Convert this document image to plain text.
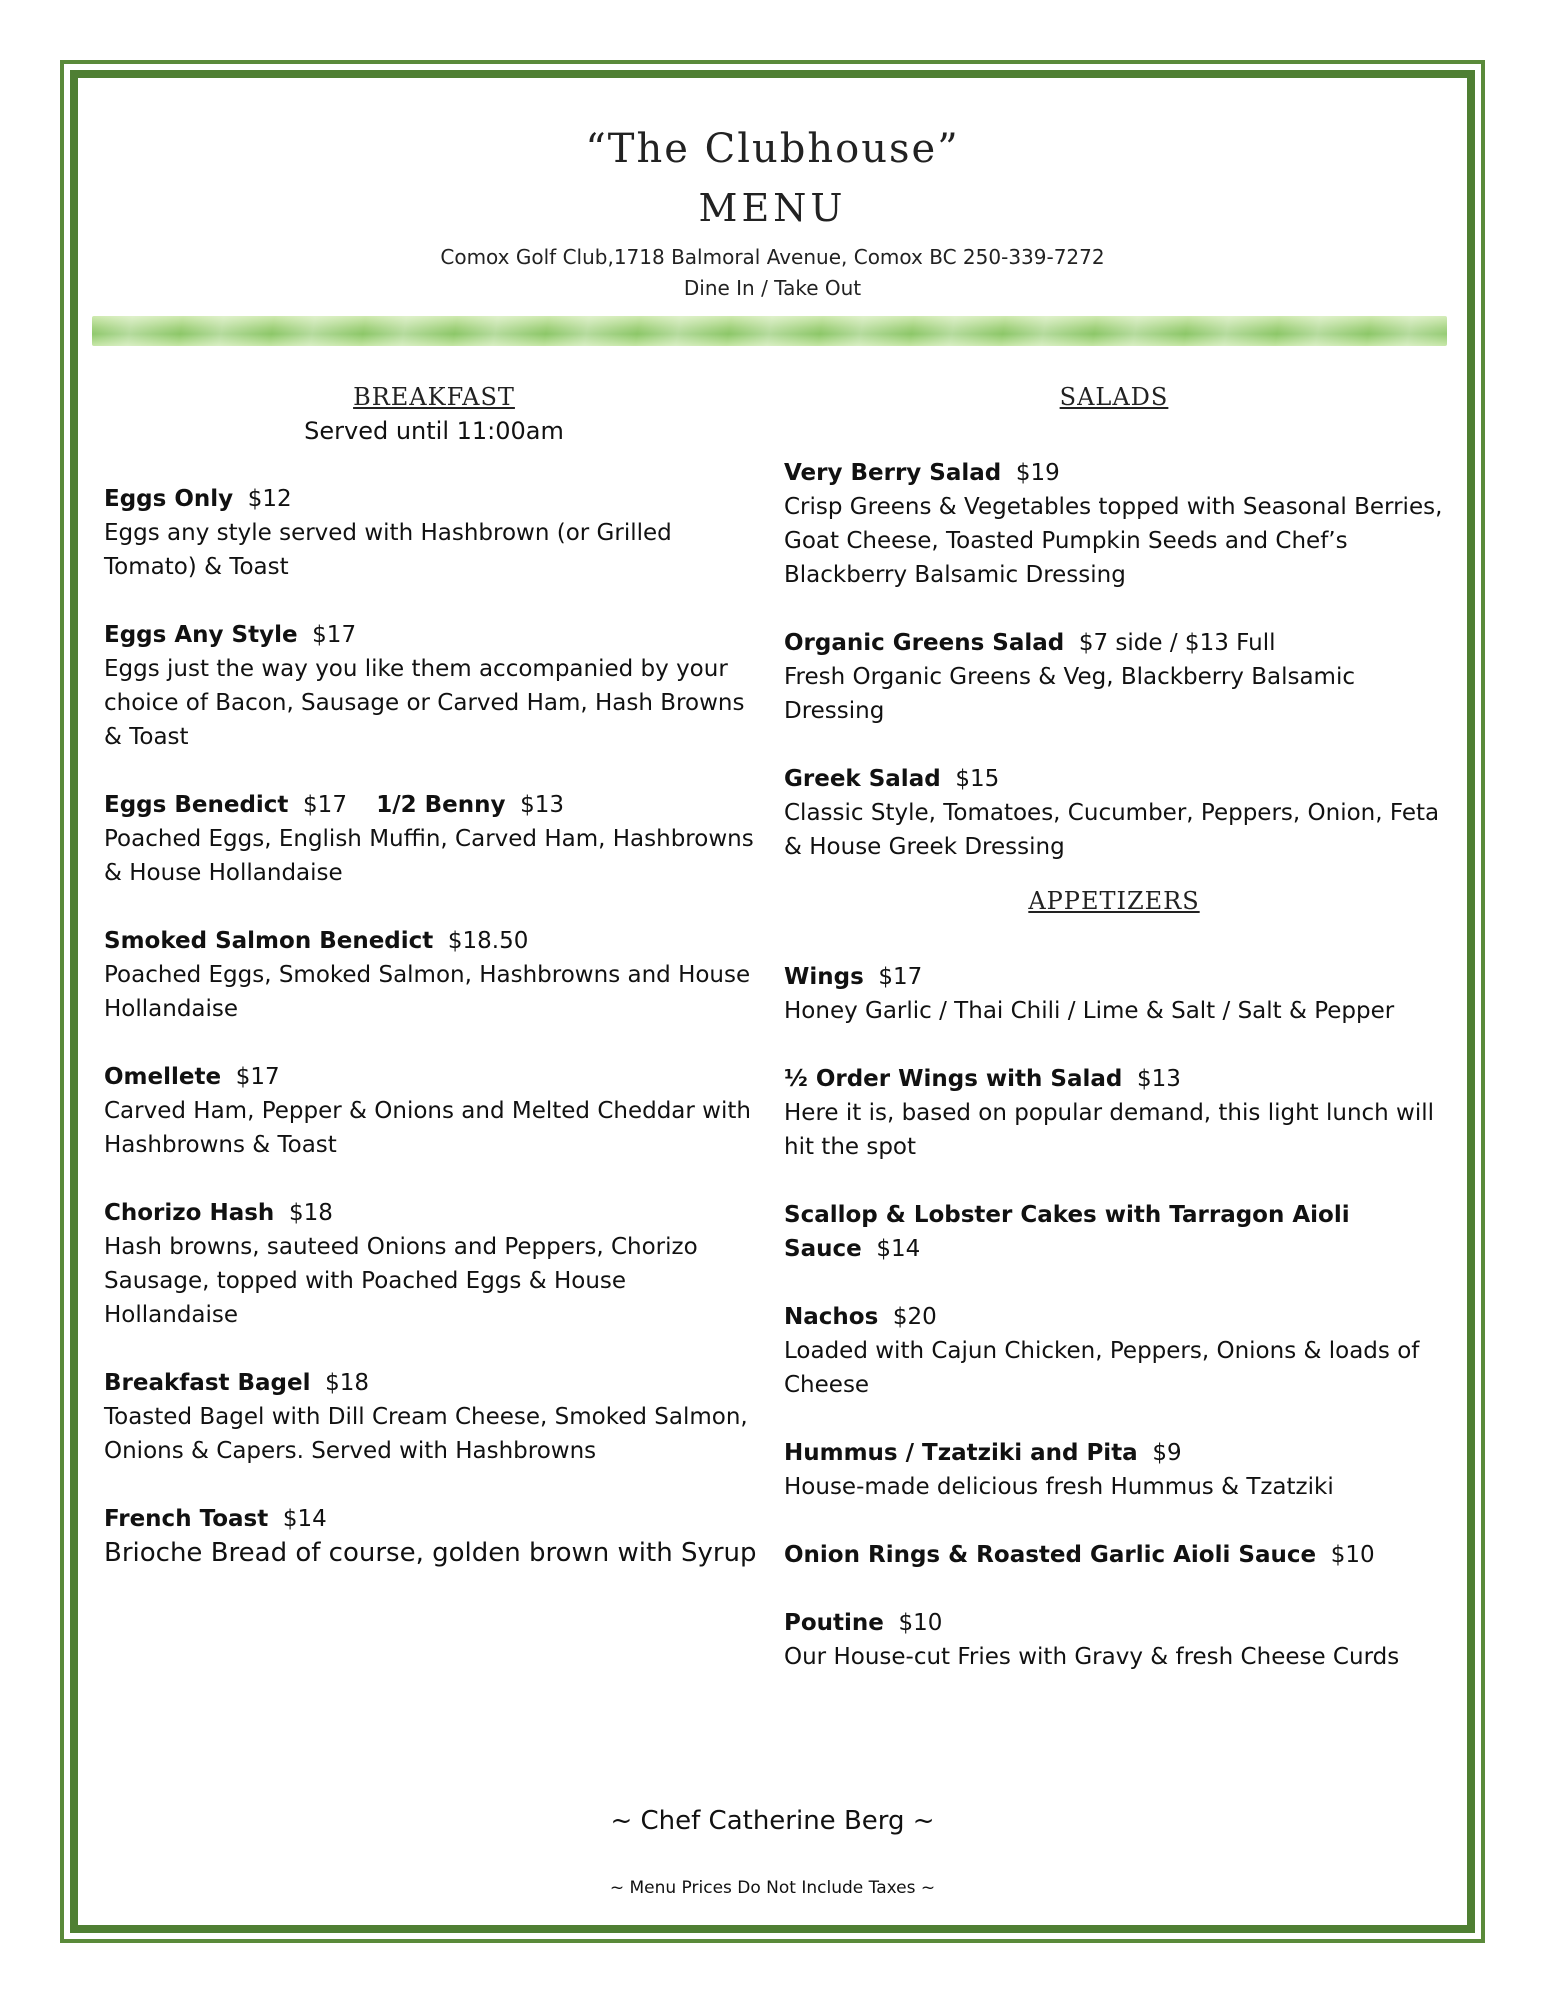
“The Clubhouse”
MENU
Comox Golf Club,1718 Balmoral Avenue, Comox BC 250-339-7272
Dine In / Take Out
BREAKFAST
Served until 11:00am
Eggs Only $12
Eggs any style served with Hashbrown (or Grilled Tomato) & Toast
Eggs Any Style $17
Eggs just the way you like them accompanied by your choice of Bacon, Sausage or Carved Ham, Hash Browns & Toast
Eggs Benedict $17 1/2 Benny $13
Poached Eggs, English Muffin, Carved Ham, Hashbrowns & House Hollandaise
Smoked Salmon Benedict $18.50
Poached Eggs, Smoked Salmon, Hashbrowns and House Hollandaise
Omellete $17
Carved Ham, Pepper & Onions and Melted Cheddar with Hashbrowns & Toast
Chorizo Hash $18
Hash browns, sauteed Onions and Peppers, Chorizo Sausage, topped with Poached Eggs & House Hollandaise
Breakfast Bagel $18
Toasted Bagel with Dill Cream Cheese, Smoked Salmon, Onions & Capers. Served with Hashbrowns
French Toast $14
Brioche Bread of course, golden brown with Syrup
SALADS
Very Berry Salad $19
Crisp Greens & Vegetables topped with Seasonal Berries, Goat Cheese, Toasted Pumpkin Seeds and Chef’s Blackberry Balsamic Dressing
Organic Greens Salad $7 side / $13 Full
Fresh Organic Greens & Veg, Blackberry Balsamic Dressing
Greek Salad $15
Classic Style, Tomatoes, Cucumber, Peppers, Onion, Feta & House Greek Dressing
APPETIZERS
Wings $17
Honey Garlic / Thai Chili / Lime & Salt / Salt & Pepper
½ Order Wings with Salad $13
Here it is, based on popular demand, this light lunch will hit the spot
Scallop & Lobster Cakes with Tarragon Aioli Sauce $14
Nachos $20
Loaded with Cajun Chicken, Peppers, Onions & loads of Cheese
Hummus / Tzatziki and Pita $9
House-made delicious fresh Hummus & Tzatziki
Onion Rings & Roasted Garlic Aioli Sauce $10
Poutine $10
Our House-cut Fries with Gravy & fresh Cheese Curds
~ Chef Catherine Berg ~
~ Menu Prices Do Not Include Taxes ~
